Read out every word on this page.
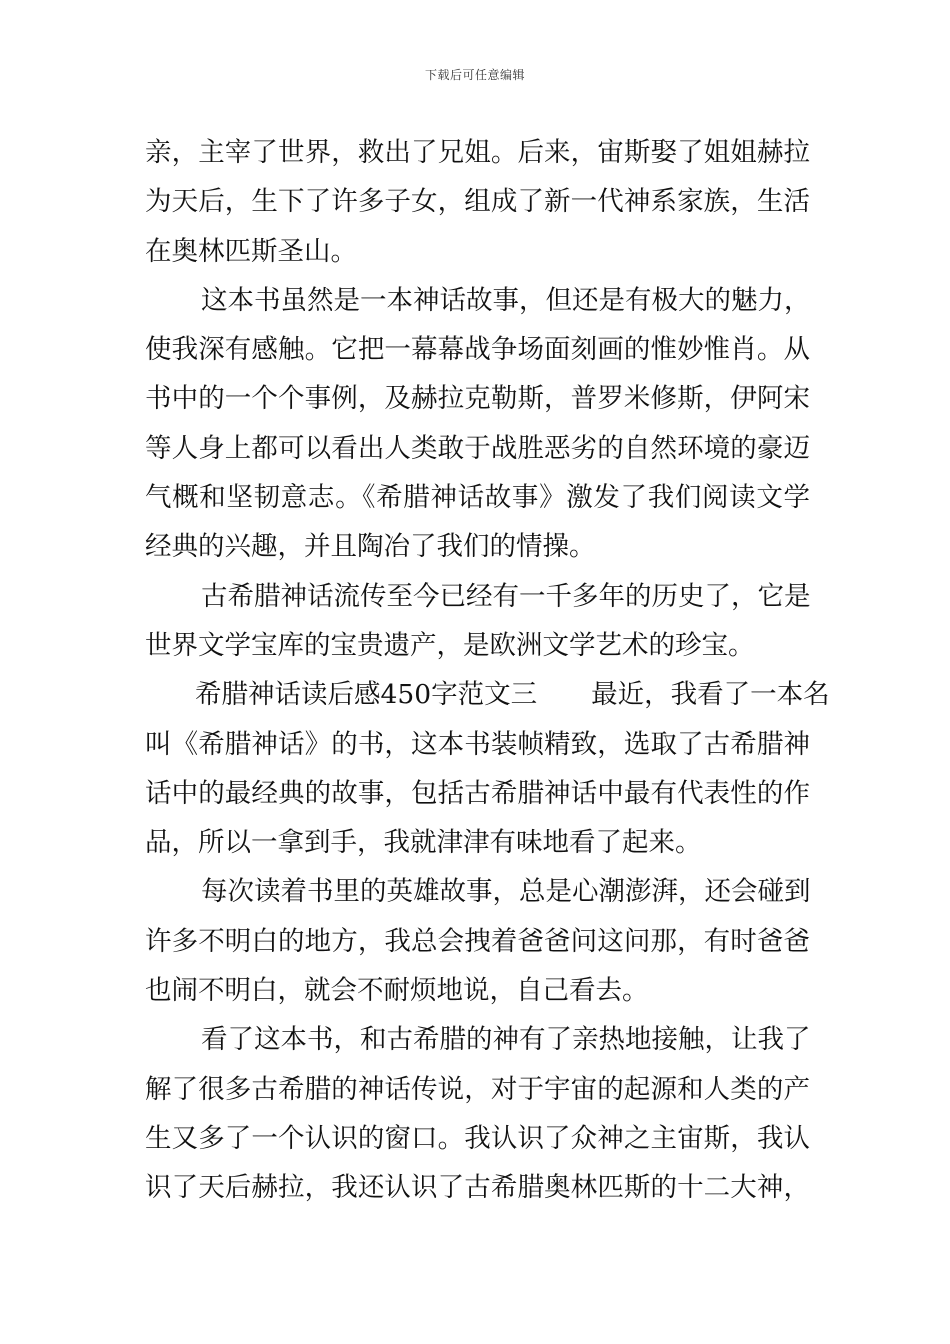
下载后可任意编辑
亲，主宰了世界，救出了兄姐。后来，宙斯娶了姐姐赫拉
为天后，生下了许多子女，组成了新一代神系家族，生活
在奥林匹斯圣山。
这本书虽然是一本神话故事，但还是有极大的魅力，
使我深有感触。它把一幕幕战争场面刻画的惟妙惟肖。从
书中的一个个事例，及赫拉克勒斯，普罗米修斯，伊阿宋
等人身上都可以看出人类敢于战胜恶劣的自然环境的豪迈
气概和坚韧意志。《希腊神话故事》激发了我们阅读文学
经典的兴趣，并且陶冶了我们的情操。
古希腊神话流传至今已经有一千多年的历史了，它是
世界文学宝库的宝贵遗产，是欧洲文学艺术的珍宝。
希腊神话读后感450字范文三 最近，我看了一本名
叫《希腊神话》的书，这本书装帧精致，选取了古希腊神
话中的最经典的故事，包括古希腊神话中最有代表性的作
品，所以一拿到手，我就津津有味地看了起来。
每次读着书里的英雄故事，总是心潮澎湃，还会碰到
许多不明白的地方，我总会拽着爸爸问这问那，有时爸爸
也闹不明白，就会不耐烦地说，自己看去。
看了这本书，和古希腊的神有了亲热地接触，让我了
解了很多古希腊的神话传说，对于宇宙的起源和人类的产
生又多了一个认识的窗口。我认识了众神之主宙斯，我认
识了天后赫拉，我还认识了古希腊奥林匹斯的十二大神，
